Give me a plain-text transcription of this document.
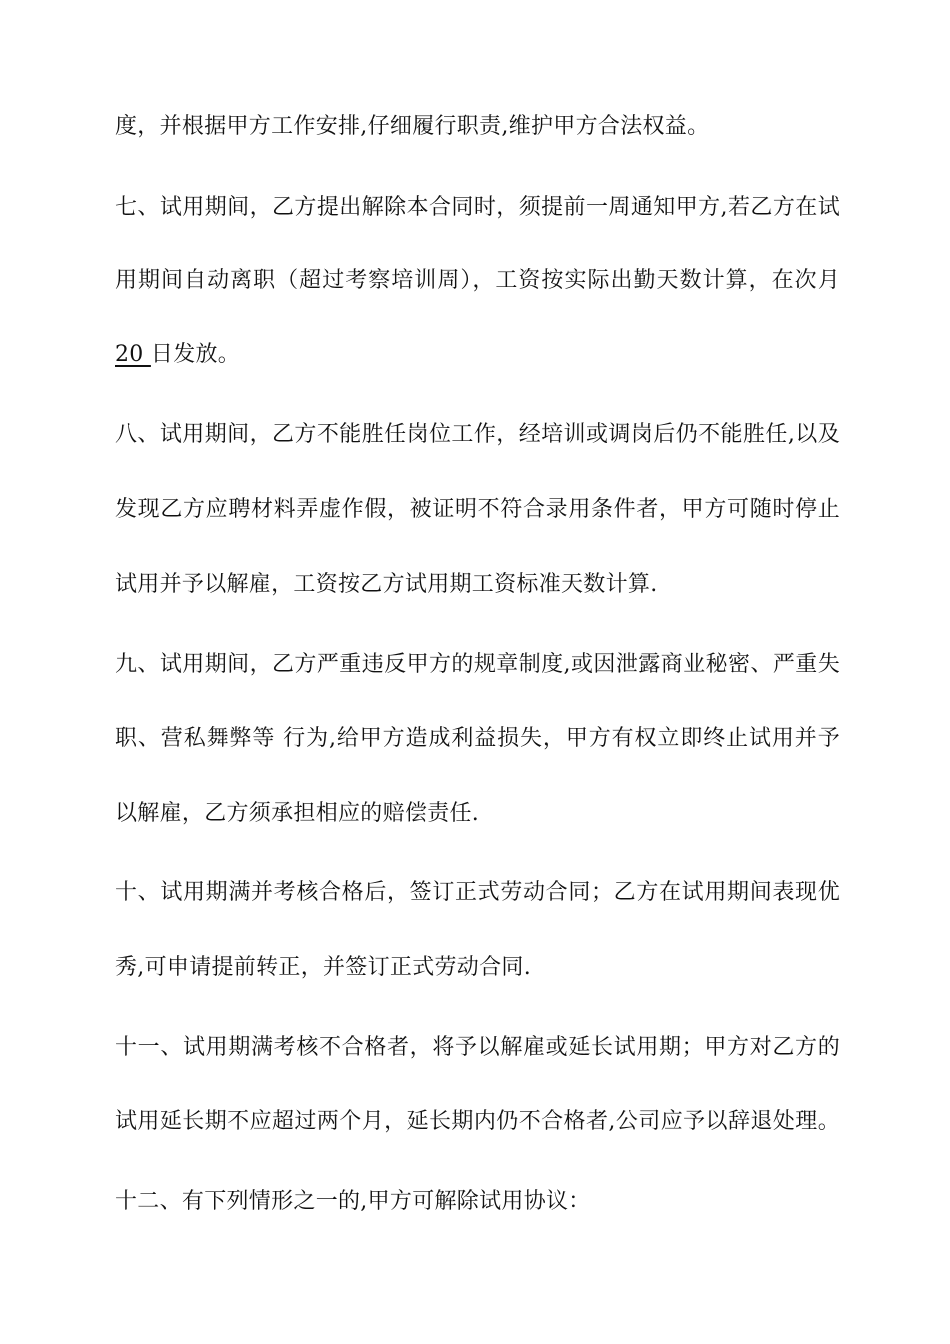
度，并根据甲方工作安排,仔细履行职责,维护甲方合法权益。
七、试用期间，乙方提出解除本合同时，须提前一周通知甲方,若乙方在试
用期间自动离职（超过考察培训周），工资按实际出勤天数计算，在次月
20 日发放。
八、试用期间，乙方不能胜任岗位工作，经培训或调岗后仍不能胜任,以及
发现乙方应聘材料弄虚作假，被证明不符合录用条件者，甲方可随时停止
试用并予以解雇，工资按乙方试用期工资标准天数计算.
九、试用期间，乙方严重违反甲方的规章制度,或因泄露商业秘密、严重失
职、营私舞弊等 行为,给甲方造成利益损失，甲方有权立即终止试用并予
以解雇，乙方须承担相应的赔偿责任.
十、试用期满并考核合格后，签订正式劳动合同；乙方在试用期间表现优
秀,可申请提前转正，并签订正式劳动合同.
十一、试用期满考核不合格者，将予以解雇或延长试用期；甲方对乙方的
试用延长期不应超过两个月，延长期内仍不合格者,公司应予以辞退处理。
十二、有下列情形之一的,甲方可解除试用协议：
